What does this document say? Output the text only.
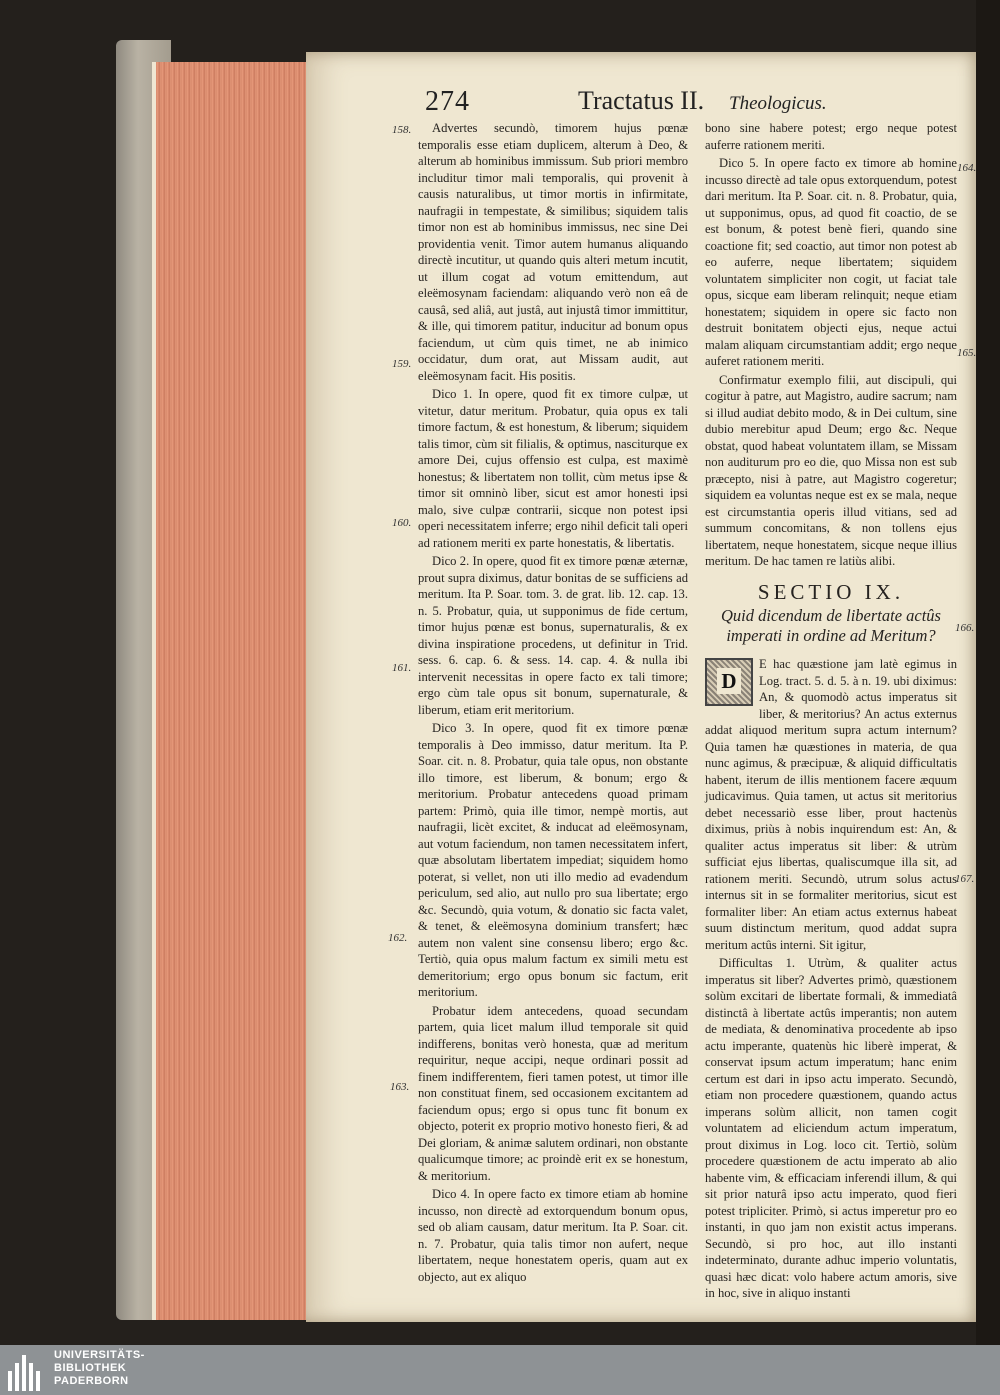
274	Tractatus II. Theologicus.
158.
159.
160.
161.
162.
163.
164.
165.
166.
167.

Advertes secundò, timorem hujus pœnæ temporalis esse etiam duplicem, alterum à Deo, & alterum ab hominibus immissum. Sub priori membro includitur timor mali temporalis, qui provenit à causis naturalibus, ut timor mortis in infirmitate, naufragii in tempestate, & similibus; siquidem talis timor non est ab hominibus immissus, nec sine Dei providentia venit. Timor autem humanus aliquando directè incutitur, ut quando quis alteri metum incutit, ut illum cogat ad votum emittendum, aut eleëmosynam faciendam: aliquando verò non eâ de causâ, sed aliâ, aut justâ, aut injustâ timor immittitur, & ille, qui timorem patitur, inducitur ad bonum opus faciendum, ut cùm quis timet, ne ab inimico occidatur, dum orat, aut Missam audit, aut eleëmosynam facit. His positis.

Dico 1. In opere, quod fit ex timore culpæ, ut vitetur, datur meritum. Probatur, quia opus ex tali timore factum, & est honestum, & liberum; siquidem talis timor, cùm sit filialis, & optimus, nasciturque ex amore Dei, cujus offensio est culpa, est maximè honestus; & libertatem non tollit, cùm metus ipse & timor sit omninò liber, sicut est amor honesti ipsi malo, sive culpæ contrarii, sicque non potest ipsi operi necessitatem inferre; ergo nihil deficit tali operi ad rationem meriti ex parte honestatis, & libertatis.

Dico 2. In opere, quod fit ex timore pœnæ æternæ, prout supra diximus, datur bonitas de se sufficiens ad meritum. Ita P. Soar. tom. 3. de grat. lib. 12. cap. 13. n. 5. Probatur, quia, ut supponimus de fide certum, timor hujus pœnæ est bonus, supernaturalis, & ex divina inspiratione procedens, ut definitur in Trid. sess. 6. cap. 6. & sess. 14. cap. 4. & nulla ibi intervenit necessitas in opere facto ex tali timore; ergo cùm tale opus sit bonum, supernaturale, & liberum, etiam erit meritorium.

Dico 3. In opere, quod fit ex timore pœnæ temporalis à Deo immisso, datur meritum. Ita P. Soar. cit. n. 8. Probatur, quia tale opus, non obstante illo timore, est liberum, & bonum; ergo & meritorium. Probatur antecedens quoad primam partem: Primò, quia ille timor, nempè mortis, aut naufragii, licèt excitet, & inducat ad eleëmosynam, aut votum faciendum, non tamen necessitatem infert, quæ absolutam libertatem impediat; siquidem homo poterat, si vellet, non uti illo medio ad evadendum periculum, sed alio, aut nullo pro sua libertate; ergo &c. Secundò, quia votum, & donatio sic facta valet, & tenet, & eleëmosyna dominium transfert; hæc autem non valent sine consensu libero; ergo &c. Tertiò, quia opus malum factum ex simili metu est demeritorium; ergo opus bonum sic factum, erit meritorium.

Probatur idem antecedens, quoad secundam partem, quia licet malum illud temporale sit quid indifferens, bonitas verò honesta, quæ ad meritum requiritur, neque accipi, neque ordinari possit ad finem indifferentem, fieri tamen potest, ut timor ille non constituat finem, sed occasionem excitantem ad faciendum opus; ergo si opus tunc fit bonum ex objecto, poterit ex proprio motivo honesto fieri, & ad Dei gloriam, & animæ salutem ordinari, non obstante qualicumque timore; ac proindè erit ex se honestum, & meritorium.

Dico 4. In opere facto ex timore etiam ab homine incusso, non directè ad extorquendum bonum opus, sed ob aliam causam, datur meritum. Ita P. Soar. cit. n. 7. Probatur, quia talis timor non aufert, neque libertatem, neque honestatem operis, quam aut ex objecto, aut ex aliquo

bono sine habere potest; ergo neque potest auferre rationem meriti.

Dico 5. In opere facto ex timore ab homine incusso directè ad tale opus extorquendum, potest dari meritum. Ita P. Soar. cit. n. 8. Probatur, quia, ut supponimus, opus, ad quod fit coactio, de se est bonum, & potest benè fieri, quando sine coactione fit; sed coactio, aut timor non potest ab eo auferre, neque libertatem; siquidem voluntatem simpliciter non cogit, ut faciat tale opus, sicque eam liberam relinquit; neque etiam honestatem; siquidem in opere sic facto non destruit bonitatem objecti ejus, neque actui malam aliquam circumstantiam addit; ergo neque auferet rationem meriti.

Confirmatur exemplo filii, aut discipuli, qui cogitur à patre, aut Magistro, audire sacrum; nam si illud audiat debito modo, & in Dei cultum, sine dubio merebitur apud Deum; ergo &c. Neque obstat, quod habeat voluntatem illam, se Missam non auditurum pro eo die, quo Missa non est sub præcepto, nisi à patre, aut Magistro cogeretur; siquidem ea voluntas neque est ex se mala, neque est circumstantia operis illud vitians, sed ad summum concomitans, & non tollens ejus libertatem, neque honestatem, sicque neque illius meritum. De hac tamen re latiùs alibi.

SECTIO IX.

Quid dicendum de libertate actûs imperati in ordine ad Meritum?

D
E hac quæstione jam latè egimus in Log. tract. 5. d. 5. à n. 19. ubi diximus: An, & quomodò actus imperatus sit liber, & meritorius? An actus externus addat aliquod meritum supra actum internum? Quia tamen hæ quæstiones in materia, de qua nunc agimus, & præcipuæ, & aliquid difficultatis habent, iterum de illis mentionem facere æquum judicavimus. Quia tamen, ut actus sit meritorius debet necessariò esse liber, prout hactenùs diximus, priùs à nobis inquirendum est: An, & qualiter actus imperatus sit liber: & utrùm sufficiat ejus libertas, qualiscumque illa sit, ad rationem meriti. Secundò, utrum solus actus internus sit in se formaliter meritorius, sicut est formaliter liber: An etiam actus externus habeat suum distinctum meritum, quod addat supra meritum actûs interni. Sit igitur,

Difficultas 1. Utrùm, & qualiter actus imperatus sit liber? Advertes primò, quæstionem solùm excitari de libertate formali, & immediatâ distinctâ à libertate actûs imperantis; non autem de mediata, & denominativa procedente ab ipso actu imperante, quatenùs hic liberè imperat, & conservat ipsum actum imperatum; hanc enim certum est dari in ipso actu imperato. Secundò, etiam non procedere quæstionem, quando actus imperans solùm allicit, non tamen cogit voluntatem ad eliciendum actum imperatum, prout diximus in Log. loco cit. Tertiò, solùm procedere quæstionem de actu imperato ab alio habente vim, & efficaciam inferendi illum, & qui sit prior naturâ ipso actu imperato, quod fieri potest tripliciter. Primò, si actus imperetur pro eo instanti, in quo jam non existit actus imperans. Secundò, si pro hoc, aut illo instanti indeterminato, durante adhuc imperio voluntatis, quasi hæc dicat: volo habere actum amoris, sive in hoc, sive in aliquo instanti

UNIVERSITÄTS-
BIBLIOTHEK
PADERBORN
